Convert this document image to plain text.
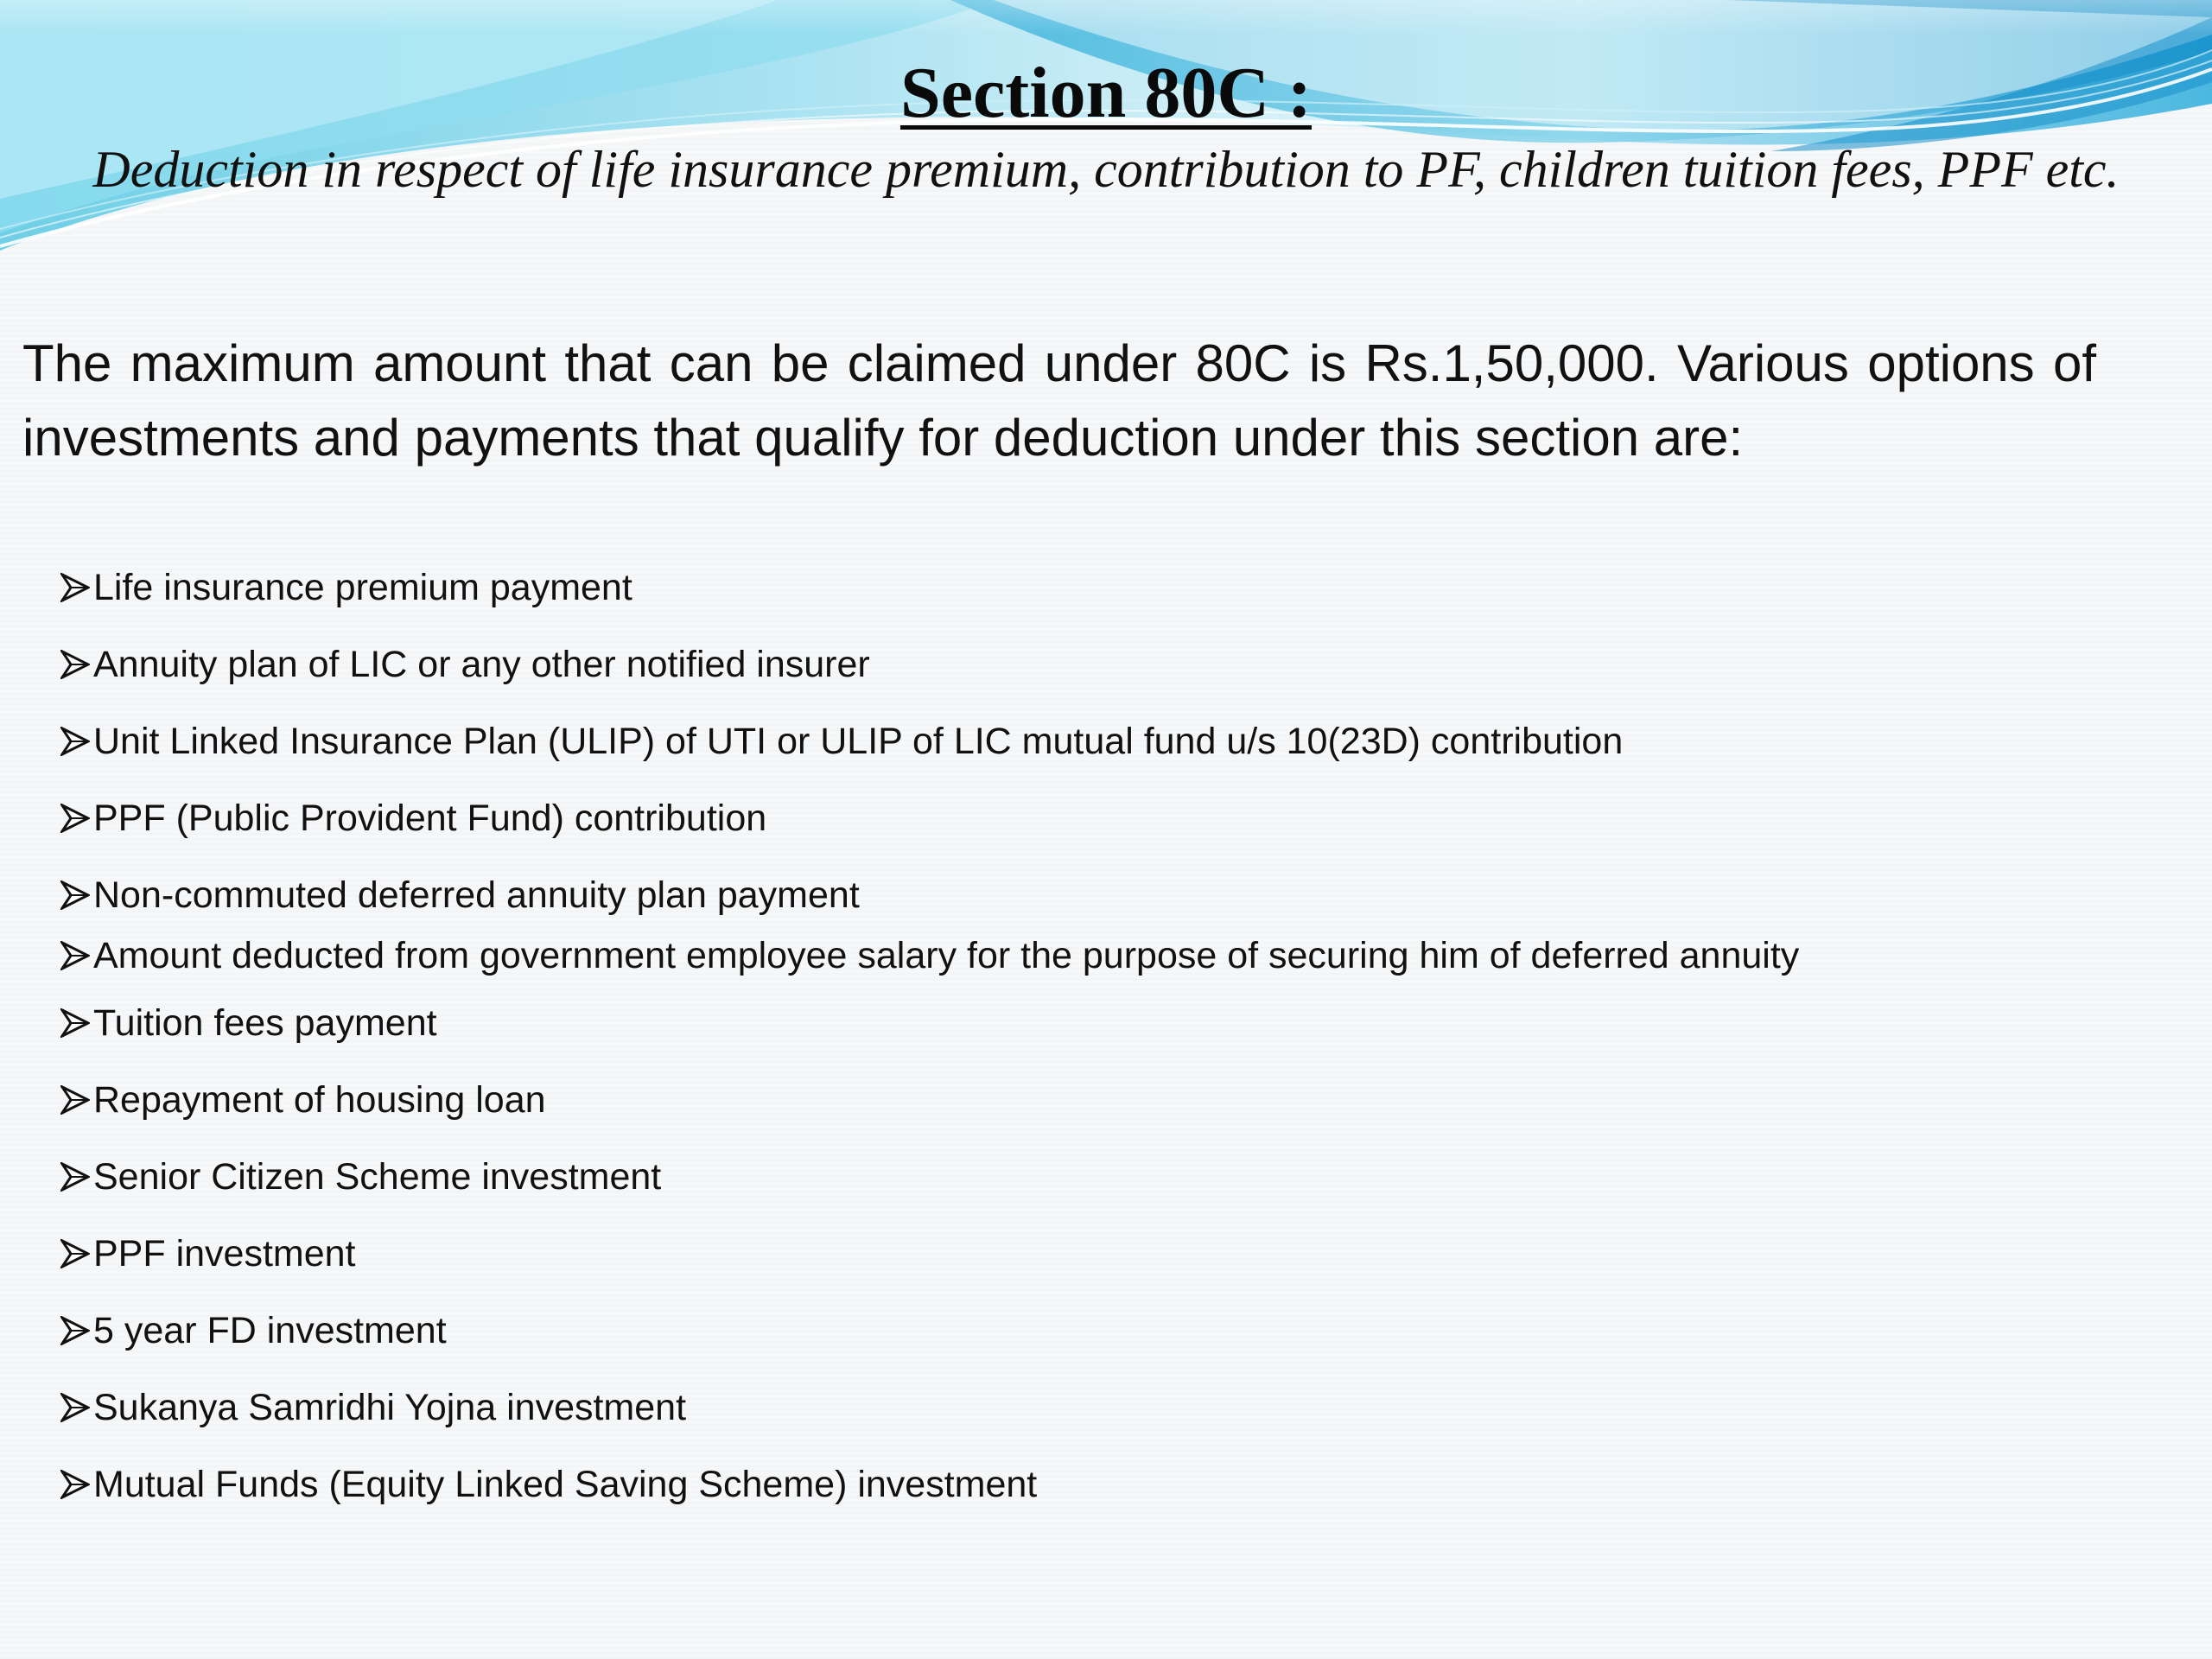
Section 80C :
Deduction in respect of life insurance premium, contribution to PF, children tuition fees, PPF etc.
The maximum amount that can be claimed under 80C is Rs.1,50,000. Various options of investments and payments that qualify for deduction under this section are:
Life insurance premium payment
Annuity plan of LIC or any other notified insurer
Unit Linked Insurance Plan (ULIP) of UTI or ULIP of LIC mutual fund u/s 10(23D) contribution
PPF (Public Provident Fund) contribution
Non-commuted deferred annuity plan payment
Amount deducted from government employee salary for the purpose of securing him of deferred annuity
Tuition fees payment
Repayment of housing loan
Senior Citizen Scheme investment
PPF investment
5 year FD investment
Sukanya Samridhi Yojna investment
Mutual Funds (Equity Linked Saving Scheme) investment
